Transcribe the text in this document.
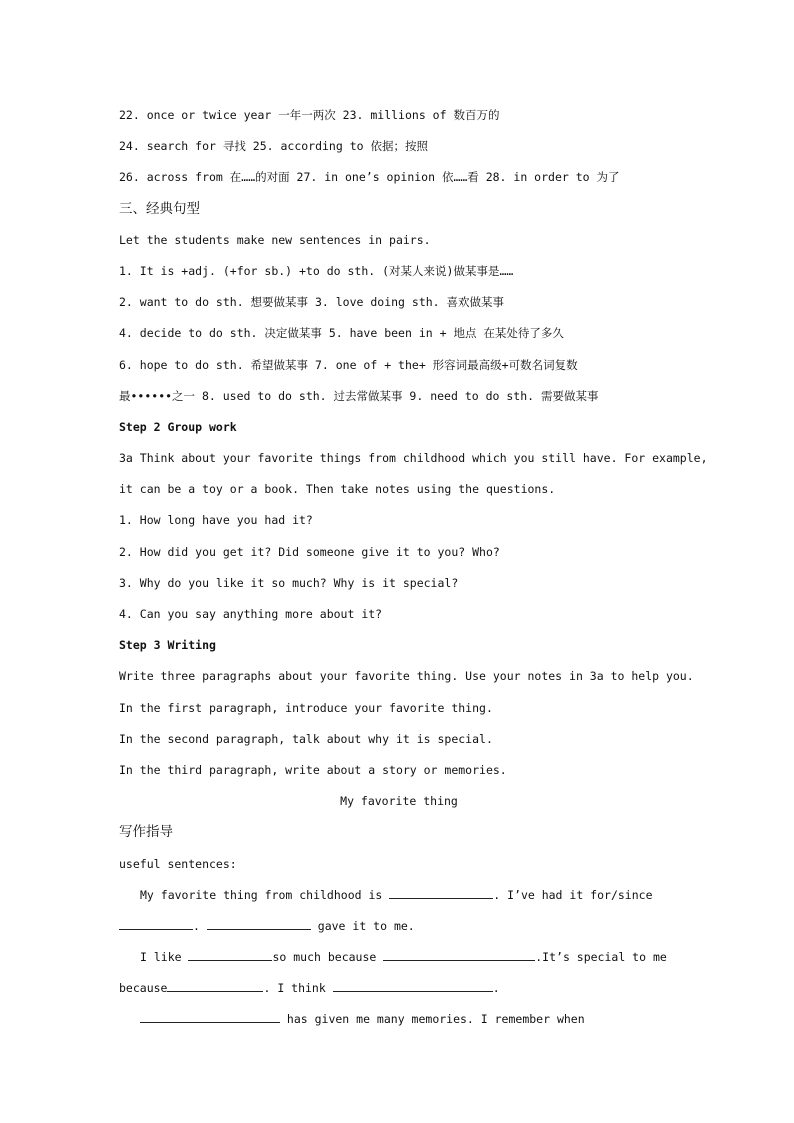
22. once or twice year 一年一两次 23. millions of 数百万的
24. search for 寻找 25. according to 依据；按照
26. across from 在……的对面 27. in one’s opinion 依……看 28. in order to 为了
三、经典句型
Let the students make new sentences in pairs.
1. It is +adj. (+for sb.) +to do sth. (对某人来说)做某事是……
2. want to do sth. 想要做某事 3. love doing sth. 喜欢做某事
4. decide to do sth. 决定做某事 5. have been in + 地点 在某处待了多久
6. hope to do sth. 希望做某事 7. one of + the+ 形容词最高级+可数名词复数
最••••••之一 8. used to do sth. 过去常做某事 9. need to do sth. 需要做某事
Step 2 Group work
3a Think about your favorite things from childhood which you still have. For example,
it can be a toy or a book. Then take notes using the questions.
1. How long have you had it?
2. How did you get it? Did someone give it to you? Who?
3. Why do you like it so much? Why is it special?
4. Can you say anything more about it?
Step 3 Writing
Write three paragraphs about your favorite thing. Use your notes in 3a to help you.
In the first paragraph, introduce your favorite thing.
In the second paragraph, talk about why it is special.
In the third paragraph, write about a story or memories.
My favorite thing
写作指导
useful sentences:
My favorite thing from childhood is	. I’ve had it for/since
.	gave it to me.
I like	so much because	.It’s special to me
because	. I think	.
has given me many memories. I remember when
